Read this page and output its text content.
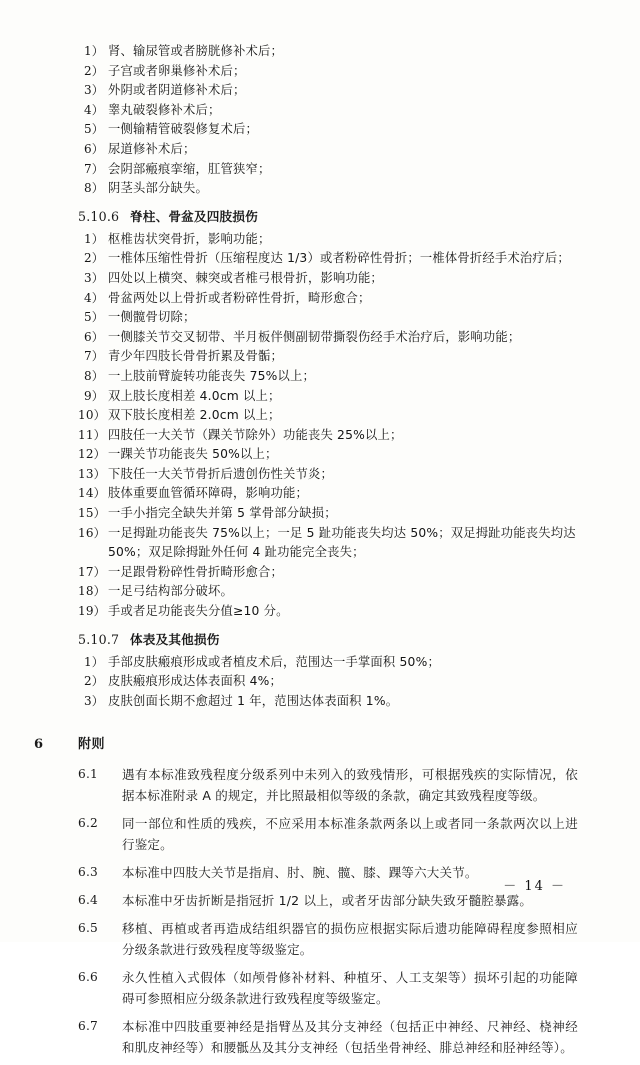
1） 肾、输尿管或者膀胱修补术后；
2） 子宫或者卵巢修补术后；
3） 外阴或者阴道修补术后；
4） 睾丸破裂修补术后；
5） 一侧输精管破裂修复术后；
6） 尿道修补术后；
7） 会阴部瘢痕挛缩，肛管狭窄；
8） 阴茎头部分缺失。
5.10.6 脊柱、骨盆及四肢损伤
1） 枢椎齿状突骨折，影响功能；
2） 一椎体压缩性骨折（压缩程度达 1/3）或者粉碎性骨折；一椎体骨折经手术治疗后；
3） 四处以上横突、棘突或者椎弓根骨折，影响功能；
4） 骨盆两处以上骨折或者粉碎性骨折，畸形愈合；
5） 一侧髋骨切除；
6） 一侧膝关节交叉韧带、半月板伴侧副韧带撕裂伤经手术治疗后，影响功能；
7） 青少年四肢长骨骨折累及骨骺；
8） 一上肢前臂旋转功能丧失 75%以上；
9） 双上肢长度相差 4.0cm 以上；
10） 双下肢长度相差 2.0cm 以上；
11） 四肢任一大关节（踝关节除外）功能丧失 25%以上；
12） 一踝关节功能丧失 50%以上；
13） 下肢任一大关节骨折后遗创伤性关节炎；
14） 肢体重要血管循环障碍，影响功能；
15） 一手小指完全缺失并第 5 掌骨部分缺损；
16） 一足拇趾功能丧失 75%以上；一足 5 趾功能丧失均达 50%；双足拇趾功能丧失均达 50%；双足除拇趾外任何 4 趾功能完全丧失；
17） 一足跟骨粉碎性骨折畸形愈合；
18） 一足弓结构部分破坏。
19） 手或者足功能丧失分值≥10 分。
5.10.7 体表及其他损伤
1） 手部皮肤瘢痕形成或者植皮术后，范围达一手掌面积 50%；
2） 皮肤瘢痕形成达体表面积 4%；
3） 皮肤创面长期不愈超过 1 年，范围达体表面积 1%。
6	附则
6.1	遇有本标准致残程度分级系列中未列入的致残情形，可根据残疾的实际情况，依据本标准附录 A 的规定，并比照最相似等级的条款，确定其致残程度等级。
6.2	同一部位和性质的残疾，不应采用本标准条款两条以上或者同一条款两次以上进行鉴定。
6.3	本标准中四肢大关节是指肩、肘、腕、髋、膝、踝等六大关节。
6.4	本标准中牙齿折断是指冠折 1/2 以上，或者牙齿部分缺失致牙髓腔暴露。
6.5	移植、再植或者再造成结组织器官的损伤应根据实际后遗功能障碍程度参照相应分级条款进行致残程度等级鉴定。
6.6	永久性植入式假体（如颅骨修补材料、种植牙、人工支架等）损坏引起的功能障碍可参照相应分级条款进行致残程度等级鉴定。
6.7	本标准中四肢重要神经是指臂丛及其分支神经（包括正中神经、尺神经、桡神经和肌皮神经等）和腰骶丛及其分支神经（包括坐骨神经、腓总神经和胫神经等）。
－ 14 －
